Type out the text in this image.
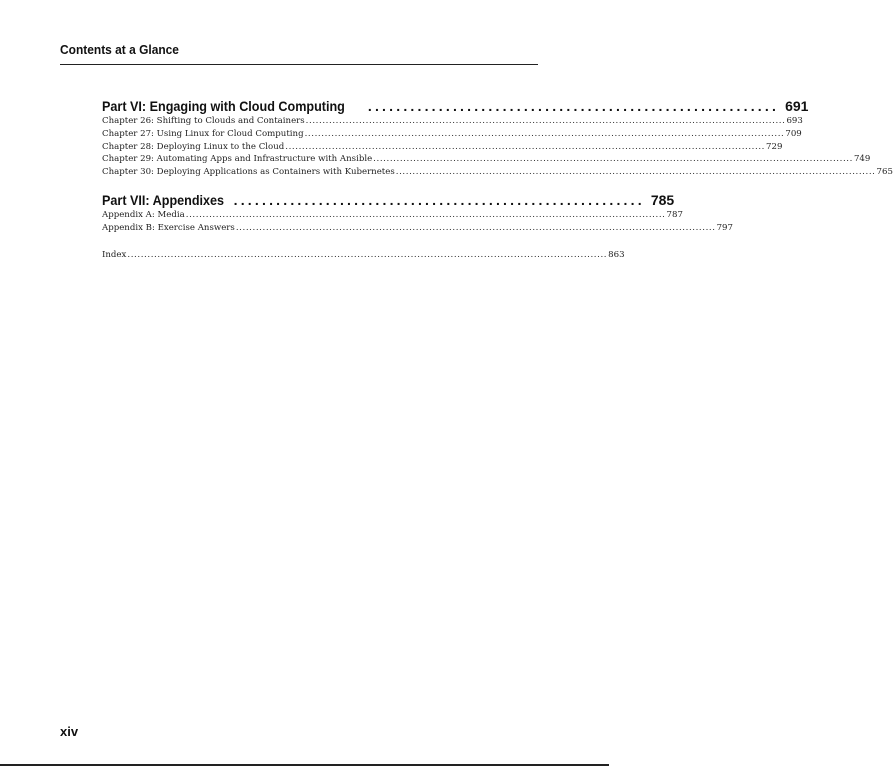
Contents at a Glance
Part VI: Engaging with Cloud Computing .......................................................... 691
Chapter 26: Shifting to Clouds and Containers ................................................................................................................................................ 693
Chapter 27: Using Linux for Cloud Computing ................................................................................................................................................ 709
Chapter 28: Deploying Linux to the Cloud ................................................................................................................................................ 729
Chapter 29: Automating Apps and Infrastructure with Ansible ................................................................................................................................................ 749
Chapter 30: Deploying Applications as Containers with Kubernetes ................................................................................................................................................ 765
Part VII: Appendixes .......................................................... 785
Appendix A: Media ................................................................................................................................................ 787
Appendix B: Exercise Answers ................................................................................................................................................ 797
Index ................................................................................................................................................ 863
xiv
